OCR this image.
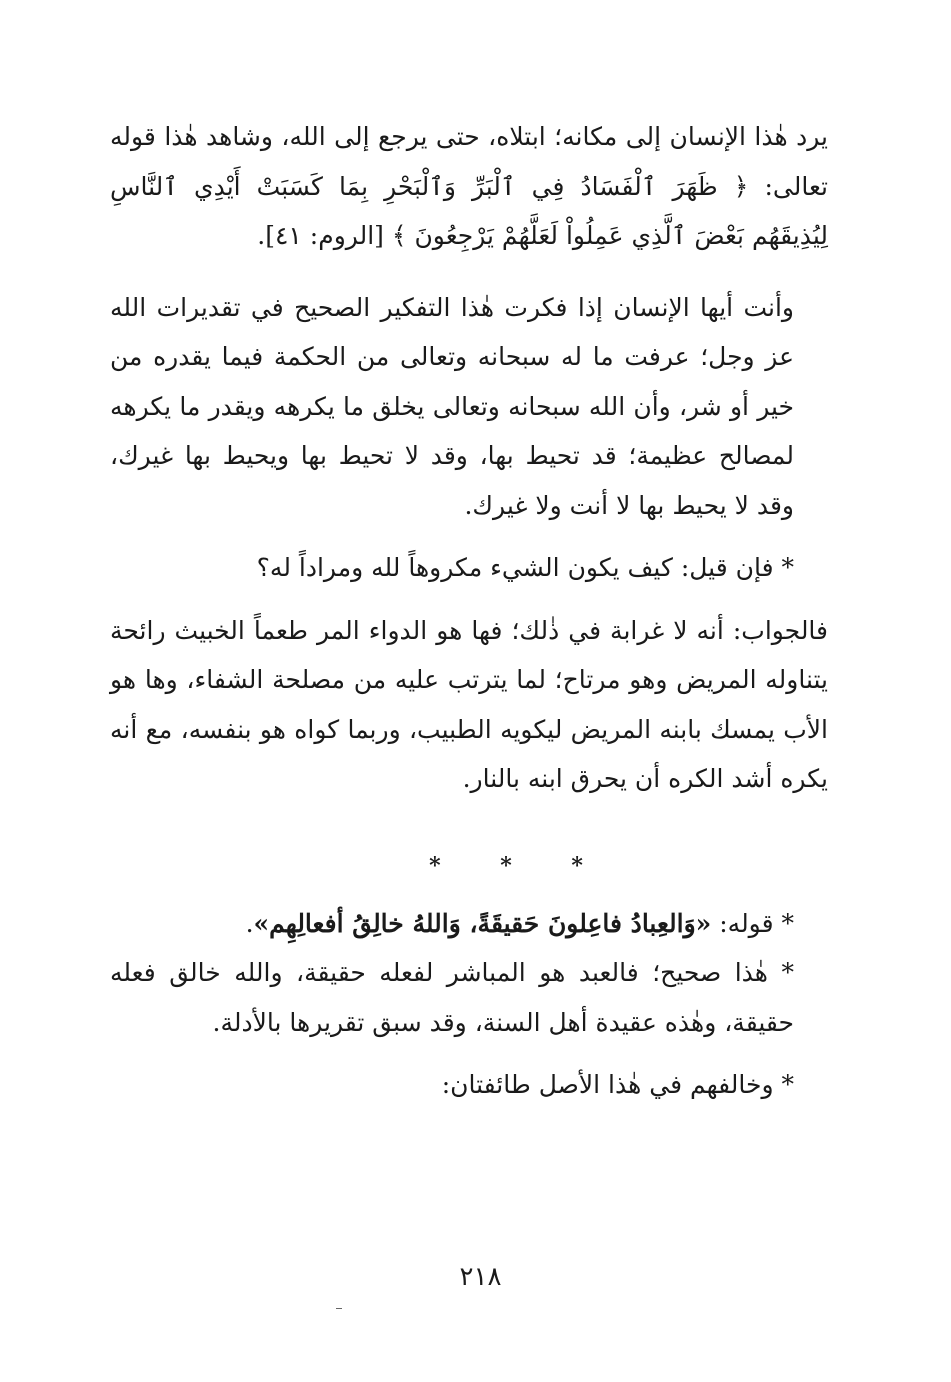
يرد هٰذا الإنسان إلى مكانه؛ ابتلاه، حتى يرجع إلى الله، وشاهد هٰذا قوله تعالى: ﴿ ظَهَرَ ٱلْفَسَادُ فِي ٱلْبَرِّ وَٱلْبَحْرِ بِمَا كَسَبَتْ أَيْدِي ٱلنَّاسِ لِيُذِيقَهُم بَعْضَ ٱلَّذِي عَمِلُواْ لَعَلَّهُمْ يَرْجِعُونَ ﴾ [الروم: ٤١].

وأنت أيها الإنسان إذا فكرت هٰذا التفكير الصحيح في تقديرات الله عز وجل؛ عرفت ما له سبحانه وتعالى من الحكمة فيما يقدره من خير أو شر، وأن الله سبحانه وتعالى يخلق ما يكرهه ويقدر ما يكرهه لمصالح عظيمة؛ قد تحيط بها، وقد لا تحيط بها ويحيط بها غيرك، وقد لا يحيط بها لا أنت ولا غيرك.

* فإن قيل: كيف يكون الشيء مكروهاً لله ومراداً له؟

فالجواب: أنه لا غرابة في ذٰلك؛ فها هو الدواء المر طعماً الخبيث رائحة يتناوله المريض وهو مرتاح؛ لما يترتب عليه من مصلحة الشفاء، وها هو الأب يمسك بابنه المريض ليكويه الطبيب، وربما كواه هو بنفسه، مع أنه يكره أشد الكره أن يحرق ابنه بالنار.

* * *

* قوله: «وَالعِبادُ فاعِلونَ حَقيقَةً، وَاللهُ خالِقُ أفعالِهِم».

* هٰذا صحيح؛ فالعبد هو المباشر لفعله حقيقة، والله خالق فعله حقيقة، وهٰذه عقيدة أهل السنة، وقد سبق تقريرها بالأدلة.

* وخالفهم في هٰذا الأصل طائفتان:

٢١٨
